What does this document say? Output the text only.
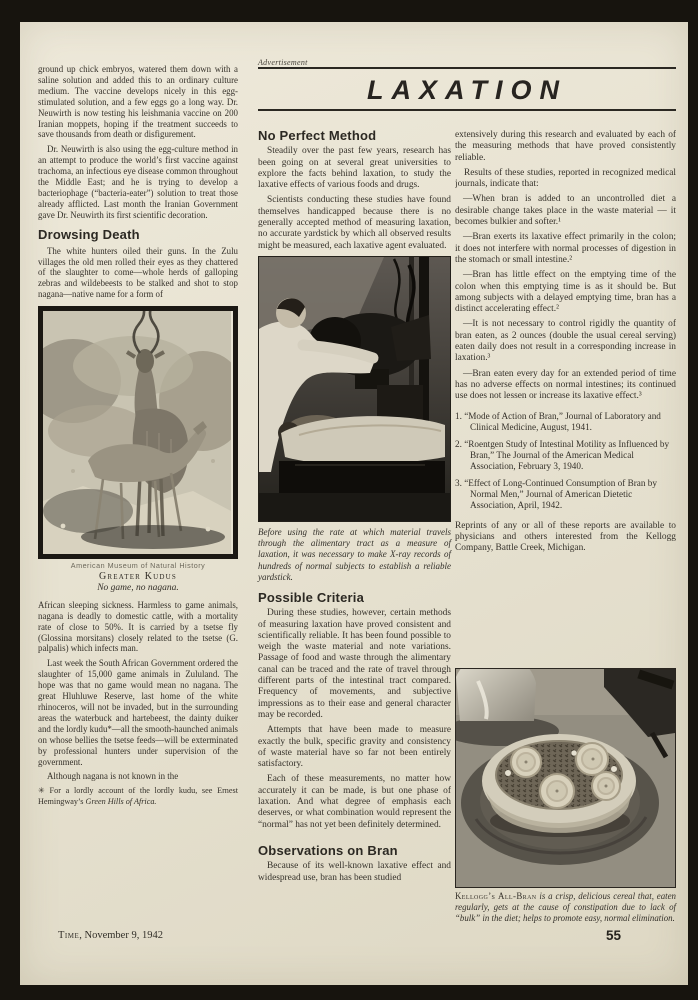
ground up chick embryos, watered them down with a saline solution and added this to an ordinary culture medium. The vaccine develops nicely in this egg-stimulated solution, and a few eggs go a long way. Dr. Neuwirth is now testing his leishmania vaccine on 200 Iranian moppets, hoping if the treatment succeeds to save thousands from death or disfigurement.

Dr. Neuwirth is also using the egg-culture method in an attempt to produce the world’s first vaccine against trachoma, an infectious eye disease common throughout the Middle East; and he is trying to develop a bacteriophage (“bacteria-eater”) solution to treat those already afflicted. Last month the Iranian Government gave Dr. Neuwirth its first scientific decoration.

Drowsing Death

The white hunters oiled their guns. In the Zulu villages the old men rolled their eyes as they chattered of the slaughter to come—whole herds of galloping zebras and wildebeests to be stalked and shot to stop nagana—native name for a form of

American Museum of Natural History
Greater Kudus
No game, no nagana.

African sleeping sickness. Harmless to game animals, nagana is deadly to domestic cattle, with a mortality rate of close to 50%. It is carried by a tsetse fly (Glossina morsitans) closely related to the tsetse (G. palpalis) which infects man.

Last week the South African Government ordered the slaughter of 15,000 game animals in Zululand. The hope was that no game would mean no nagana. The great Hluhluwe Reserve, last home of the white rhinoceros, will not be invaded, but in the surrounding areas the waterbuck and hartebeest, the dainty duiker and the lordly kudu*—all the smooth-haunched animals on whose bellies the tsetse feeds—will be exterminated by professional hunters under supervision of the government.

Although nagana is not known in the

✳ For a lordly account of the lordly kudu, see Ernest Hemingway’s Green Hills of Africa.

Advertisement
LAXATION
No Perfect Method

Steadily over the past few years, research has been going on at several great universities to explore the facts behind laxation, to study the laxative effects of various foods and drugs.

Scientists conducting these studies have found themselves handicapped because there is no generally accepted method of measuring laxation, no accurate yardstick by which all observed results might be measured, each laxative agent evaluated.

Before using the rate at which material travels through the alimentary tract as a measure of laxation, it was necessary to make X-ray records of hundreds of normal subjects to establish a reliable yardstick.
Possible Criteria

During these studies, however, certain methods of measuring laxation have proved consistent and scientifically reliable. It has been found possible to weigh the waste material and note variations. Passage of food and waste through the alimentary canal can be traced and the rate of travel through different parts of the intestinal tract compared. Frequency of movements, and subjective impressions as to their ease and general character may be recorded.

Attempts that have been made to measure exactly the bulk, specific gravity and consistency of waste material have so far not been entirely satisfactory.

Each of these measurements, no matter how accurately it can be made, is but one phase of laxation. And what degree of emphasis each deserves, or what combination would represent the “normal” has not yet been definitely determined.

Observations on Bran

Because of its well-known laxative effect and widespread use, bran has been studied

extensively during this research and evaluated by each of the measuring methods that have proved consistently reliable.

Results of these studies, reported in recognized medical journals, indicate that:

—When bran is added to an uncontrolled diet a desirable change takes place in the waste material — it becomes bulkier and softer.¹

—Bran exerts its laxative effect primarily in the colon; it does not interfere with normal processes of digestion in the stomach or small intestine.²

—Bran has little effect on the emptying time of the colon when this emptying time is as it should be. But among subjects with a delayed emptying time, bran has a distinct accelerating effect.²

—It is not necessary to control rigidly the quantity of bran eaten, as 2 ounces (double the usual cereal serving) eaten daily does not result in a corresponding increase in laxation.³

—Bran eaten every day for an extended period of time has no adverse effects on normal intestines; its continued use does not lessen or increase its laxative effect.³

1. “Mode of Action of Bran,” Journal of Laboratory and Clinical Medicine, August, 1941.
2. “Roentgen Study of Intestinal Motility as Influenced by Bran,” The Journal of the American Medical Association, February 3, 1940.
3. “Effect of Long-Continued Consumption of Bran by Normal Men,” Journal of American Dietetic Association, April, 1942.

Reprints of any or all of these reports are available to physicians and others interested from the Kellogg Company, Battle Creek, Michigan.

Kellogg’s All-Bran is a crisp, delicious cereal that, eaten regularly, gets at the cause of constipation due to lack of “bulk” in the diet; helps to promote easy, normal elimination.
Time, November 9, 1942	55
